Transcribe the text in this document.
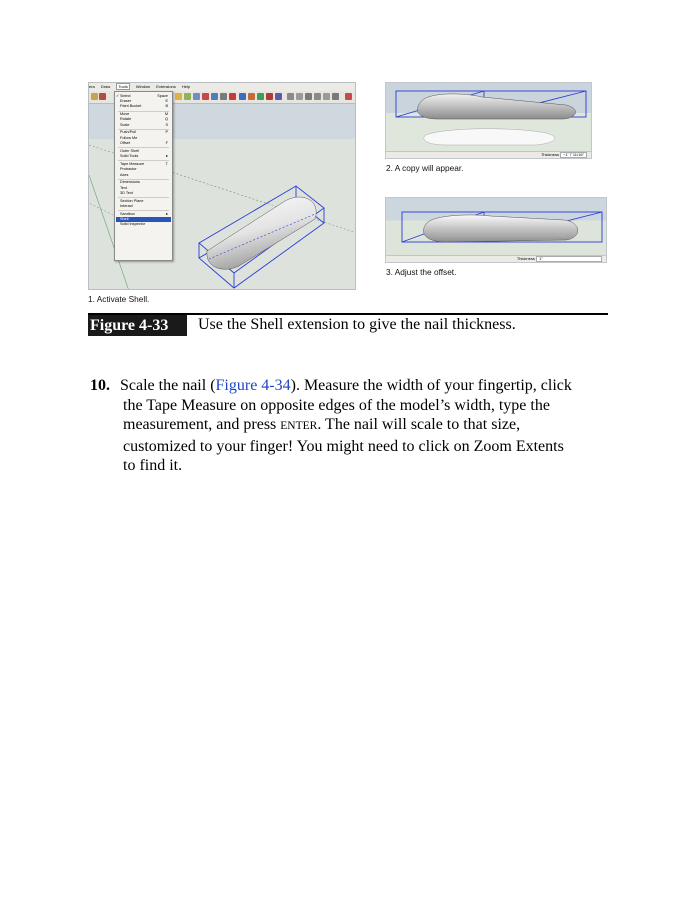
era Draw Tools Window Extensions Help
✓ Select	Space
Eraser	E
Paint Bucket	B
Move	M
Rotate	Q
Scale	S
Push/Pull	P
Follow Me
Offset	F
Outer Shell
Solid Tools	▸
Tape Measure	T
Protractor
Axes
Dimensions
Text
3D Text
Section Plane
Interact
Sandbox	▸
Shell
Solid Inspector
1. Activate Shell.
Thickness ~1' 7 11/16"
2. A copy will appear.
Thickness 1"
3. Adjust the offset.
Figure 4-33	Use the Shell extension to give the nail thickness.
10. Scale the nail (Figure 4-34). Measure the width of your fingertip, click
the Tape Measure on opposite edges of the model’s width, type the
measurement, and press ENTER. The nail will scale to that size,
customized to your finger! You might need to click on Zoom Extents
to find it.
